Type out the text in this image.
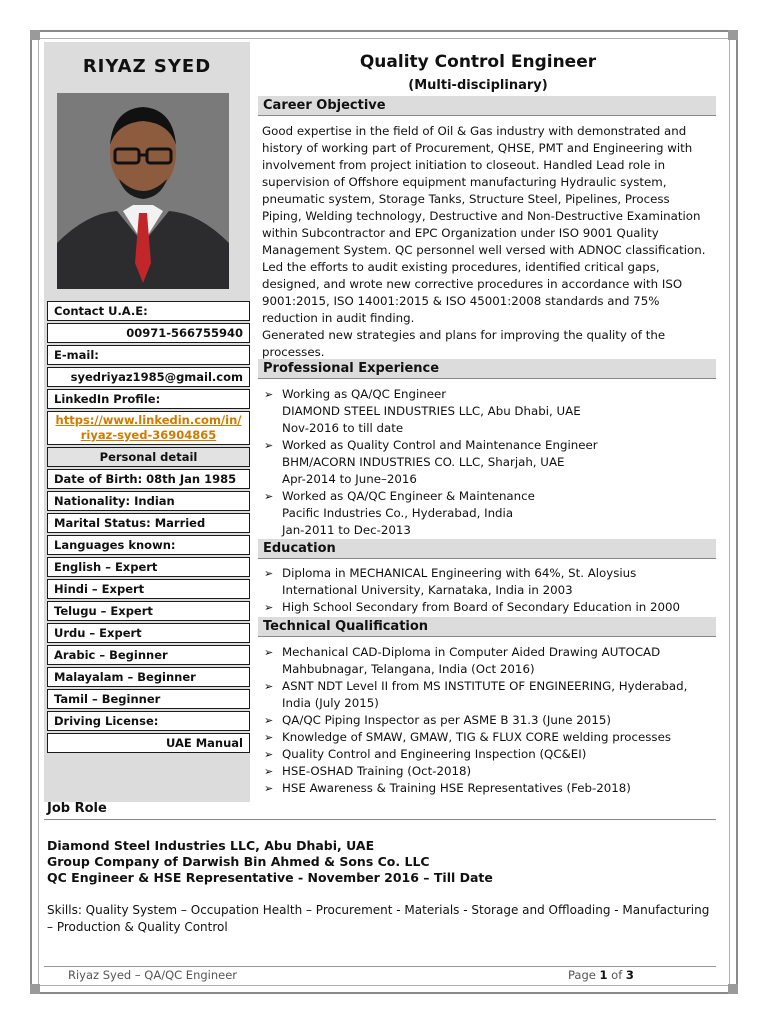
RIYAZ SYED
Contact U.A.E:
00971-566755940
E-mail:
syedriyaz1985@gmail.com
LinkedIn Profile:
https://www.linkedin.com/in/
riyaz-syed-36904865
Personal detail
Date of Birth: 08th Jan 1985
Nationality: Indian
Marital Status: Married
Languages known:
English – Expert
Hindi – Expert
Telugu – Expert
Urdu – Expert
Arabic – Beginner
Malayalam – Beginner
Tamil – Beginner
Driving License:
UAE Manual
Quality Control Engineer
(Multi-disciplinary)
Career Objective
Good expertise in the field of Oil & Gas industry with demonstrated and history of working part of Procurement, QHSE, PMT and Engineering with involvement from project initiation to closeout. Handled Lead role in supervision of Offshore equipment manufacturing Hydraulic system, pneumatic system, Storage Tanks, Structure Steel, Pipelines, Process Piping, Welding technology, Destructive and Non-Destructive Examination within Subcontractor and EPC Organization under ISO 9001 Quality Management System. QC personnel well versed with ADNOC classification.
Led the efforts to audit existing procedures, identified critical gaps, designed, and wrote new corrective procedures in accordance with ISO 9001:2015, ISO 14001:2015 & ISO 45001:2008 standards and 75% reduction in audit finding.
Generated new strategies and plans for improving the quality of the processes.
Professional Experience
➢ Working as QA/QC Engineer
DIAMOND STEEL INDUSTRIES LLC, Abu Dhabi, UAE
Nov-2016 to till date
➢ Worked as Quality Control and Maintenance Engineer
BHM/ACORN INDUSTRIES CO. LLC, Sharjah, UAE
Apr-2014 to June–2016
➢ Worked as QA/QC Engineer & Maintenance
Pacific Industries Co., Hyderabad, India
Jan-2011 to Dec-2013
Education
➢ Diploma in MECHANICAL Engineering with 64%, St. Aloysius International University, Karnataka, India in 2003
➢ High School Secondary from Board of Secondary Education in 2000
Technical Qualification
➢ Mechanical CAD-Diploma in Computer Aided Drawing AUTOCAD Mahbubnagar, Telangana, India (Oct 2016)
➢ ASNT NDT Level II from MS INSTITUTE OF ENGINEERING, Hyderabad, India (July 2015)
➢ QA/QC Piping Inspector as per ASME B 31.3 (June 2015)
➢ Knowledge of SMAW, GMAW, TIG & FLUX CORE welding processes
➢ Quality Control and Engineering Inspection (QC&EI)
➢ HSE-OSHAD Training (Oct-2018)
➢ HSE Awareness & Training HSE Representatives (Feb-2018)
Job Role
Diamond Steel Industries LLC, Abu Dhabi, UAE
Group Company of Darwish Bin Ahmed & Sons Co. LLC
QC Engineer & HSE Representative - November 2016 – Till Date
Skills: Quality System – Occupation Health – Procurement - Materials - Storage and Offloading - Manufacturing – Production & Quality Control
Riyaz Syed – QA/QC Engineer	Page 1 of 3
